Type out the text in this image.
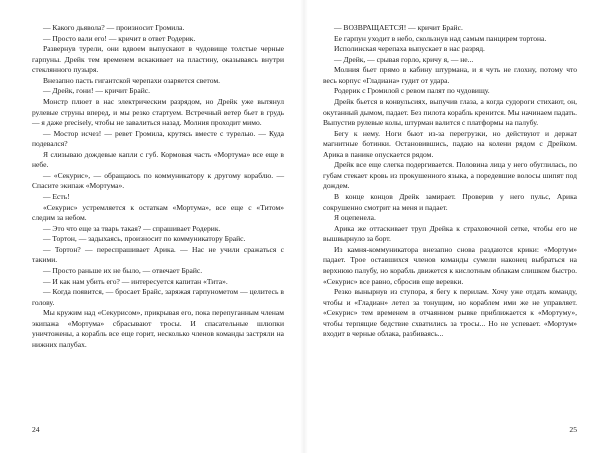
— Какого дьявола? — произносит Громила.

— Просто вали его! — кричит в ответ Родерик.

Развернув турели, они вдвоем выпускают в чудовище толстые черные гарпуны. Дрейк тем временем вскакивает на пластину, оказываясь внутри стеклянного пузыря.

Внезапно пасть гигантской черепахи озаряется светом.

— Дрейк, гони! — кричит Брайс.

Монстр плюет в нас электрическим разрядом, но Дрейк уже вытянул рулевые струны вперед, и мы резко стартуем. Встречный ветер бьет в грудь — я даже precisely, чтобы не завалиться назад. Молния проходит мимо.

— Мостор исчез! — ревет Громила, крутясь вместе с турелью. — Куда подевался?

Я слизываю дождевые капли с губ. Кормовая часть «Мортума» все еще в небе.

— «Секурис», — обращаюсь по коммуникатору к другому кораблю. — Спасите экипаж «Мортума».

— Есть!

«Секурис» устремляется к остаткам «Мортума», все еще с «Титом» следим за небом.

— Это что еще за тварь такая? — спрашивает Родерик.

— Тортон, — задыхаясь, произносит по коммуникатору Брайс.

— Тортон? — переспрашивает Арика. — Нас не учили сражаться с такими.

— Просто раньше их не было, — отвечает Брайс.

— И как нам убить его? — интересуется капитан «Тита».

— Когда появится, — бросает Брайс, заряжая гарпунометом — целитесь в голову.

Мы кружим над «Секурисом», прикрывая его, пока перепуганным членам экипажа «Мортума» сбрасывают тросы. И спасательные шлюпки уничтожены, а корабль все еще горит, несколько членов команды застряли на нижних палубах.

24

— ВОЗВРАЩАЕТСЯ! — кричит Брайс.

Ее гарпун уходит в небо, скользнув над самым панцирем тортона.

Исполинская черепаха выпускает в нас разряд.

— Дрейк, — срывая горло, кричу я, — не...

Молния бьет прямо в кабину штурмана, и я чуть не глохну, потому что весь корпус «Гладиана» гудит от удара.

Родерик с Громилой с ревом палят по чудовищу.

Дрейк бьется в конвульсиях, выпучив глаза, а когда судороги стихают, он, окутанный дымом, падает. Без пилота корабль кренится. Мы начинаем падать. Выпустив рулевые колы, штурман валится с платформы на палубу.

Бегу к нему. Ноги бьют из-за перегрузки, но действуют и держат магнитные ботинки. Остановившись, падаю на колени рядом с Дрейком. Арика в панике опускается рядом.

Дрейк все еще слегка подергивается. Половина лица у него обуглилась, по губам стекает кровь из прокушенного языка, а поредевшие волосы шипят под дождем.

В конце концов Дрейк замирает. Проверив у него пульс, Арика сокрушенно смотрит на меня и падает.

Я оцепенела.

Арика же оттаскивает труп Дрейка к страховочной сетке, чтобы его не вышвырнуло за борт.

Из камня-коммуникатора внезапно снова раздаются крики: «Мортум» падает. Трое оставшихся членов команды сумели наконец выбраться на верхнюю палубу, но корабль движется к кислотным облакам слишком быстро. «Секурис» все равно, сбросив еще веревки.

Резко вынырнув из ступора, я бегу к перилам. Хочу уже отдать команду, чтобы и «Гладиан» летел за тонущим, но кораблем ими же не управляет. «Секурис» тем временем в отчаянном рывке приближается к «Мортуму», чтобы терпящие бедствие схватились за тросы... Но не успевает. «Мортум» входит в черные облака, разбиваясь...

25
